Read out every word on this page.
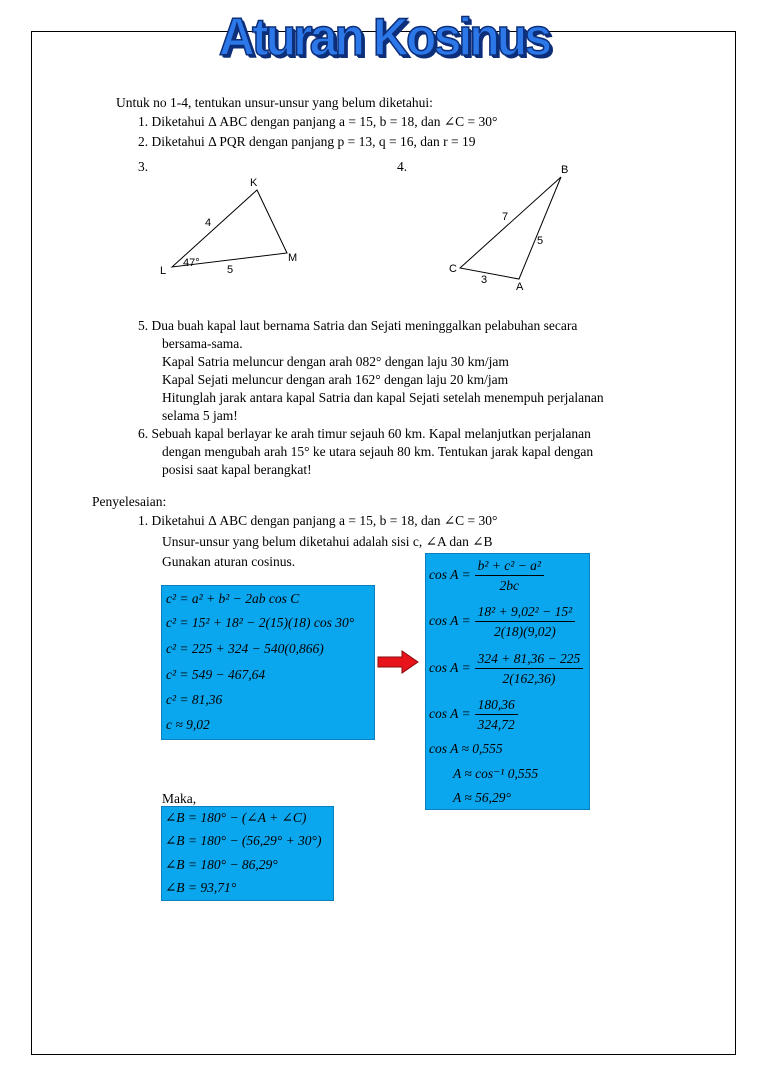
Aturan Kosinus
Untuk no 1-4, tentukan unsur-unsur yang belum diketahui:
1. Diketahui Δ ABC dengan panjang a = 15, b = 18, dan ∠C = 30°
2. Diketahui Δ PQR dengan panjang p = 13, q = 16, dan r = 19
3.	4.
K
L
M
4
5
47°
B
C
A
7
5
3
5. Dua buah kapal laut bernama Satria dan Sejati meninggalkan pelabuhan secara
bersama-sama.
Kapal Satria meluncur dengan arah 082° dengan laju 30 km/jam
Kapal Sejati meluncur dengan arah 162° dengan laju 20 km/jam
Hitunglah jarak antara kapal Satria dan kapal Sejati setelah menempuh perjalanan
selama 5 jam!
6. Sebuah kapal berlayar ke arah timur sejauh 60 km. Kapal melanjutkan perjalanan
dengan mengubah arah 15° ke utara sejauh 80 km. Tentukan jarak kapal dengan
posisi saat kapal berangkat!
Penyelesaian:
1. Diketahui Δ ABC dengan panjang a = 15, b = 18, dan ∠C = 30°
Unsur-unsur yang belum diketahui adalah sisi c, ∠A dan ∠B
Gunakan aturan cosinus.
c² = a² + b² − 2ab cos C
c² = 15² + 18² − 2(15)(18) cos 30°
c² = 225 + 324 − 540(0,866)
c² = 549 − 467,64
c² = 81,36
c ≈ 9,02
$\cos A = \frac{\text{b² + c² − a²}}{2bc}$
$\cos A = \frac{\text{18² + 9,02² − 15²}}{2(18)(9,02)}$
$\cos A = \frac{324 + 81,36 - 225}{2(162,36)}$
$\cos A = \frac{180,36}{324,72}$
cos A ≈ 0,555
A ≈ cos⁻¹ 0,555
A ≈ 56,29°
Maka,
∠B = 180° − (∠A + ∠C)
∠B = 180° − (56,29° + 30°)
∠B = 180° − 86,29°
∠B = 93,71°
